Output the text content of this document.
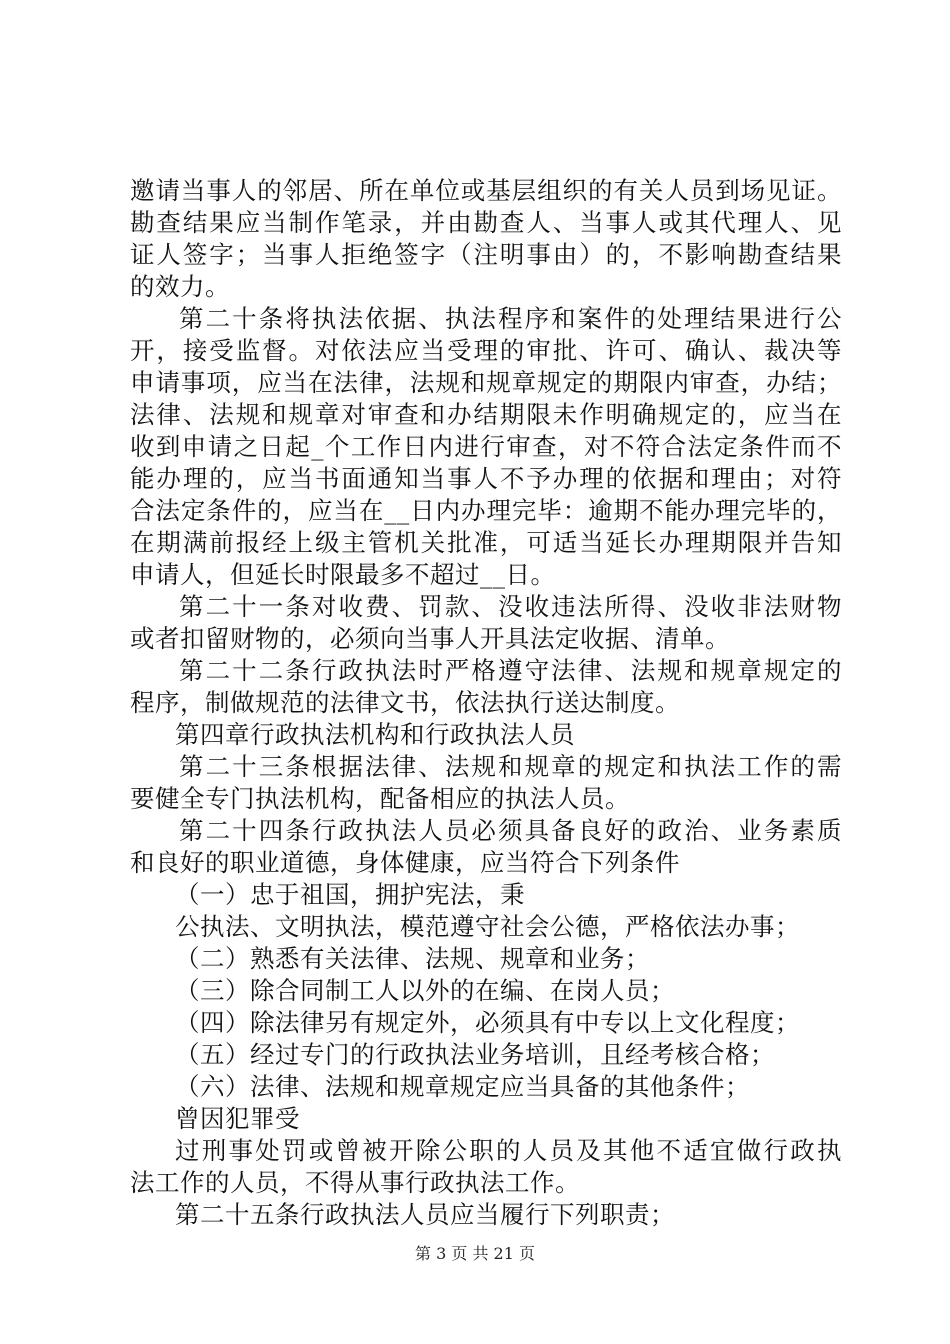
邀请当事人的邻居、所在单位或基层组织的有关人员到场见证。
勘查结果应当制作笔录，并由勘查人、当事人或其代理人、见
证人签字；当事人拒绝签字（注明事由）的，不影响勘查结果
的效力。
第二十条将执法依据、执法程序和案件的处理结果进行公
开，接受监督。对依法应当受理的审批、许可、确认、裁决等
申请事项，应当在法律，法规和规章规定的期限内审查，办结；
法律、法规和规章对审查和办结期限未作明确规定的，应当在
收到申请之日起_个工作日内进行审查，对不符合法定条件而不
能办理的，应当书面通知当事人不予办理的依据和理由；对符
合法定条件的，应当在__日内办理完毕：逾期不能办理完毕的，
在期满前报经上级主管机关批准，可适当延长办理期限并告知
申请人，但延长时限最多不超过__日。
第二十一条对收费、罚款、没收违法所得、没收非法财物
或者扣留财物的，必须向当事人开具法定收据、清单。
第二十二条行政执法时严格遵守法律、法规和规章规定的
程序，制做规范的法律文书，依法执行送达制度。
第四章行政执法机构和行政执法人员
第二十三条根据法律、法规和规章的规定和执法工作的需
要健全专门执法机构，配备相应的执法人员。
第二十四条行政执法人员必须具备良好的政治、业务素质
和良好的职业道德，身体健康，应当符合下列条件
（一）忠于祖国，拥护宪法，秉
公执法、文明执法，模范遵守社会公德，严格依法办事；
（二）熟悉有关法律、法规、规章和业务；
（三）除合同制工人以外的在编、在岗人员；
（四）除法律另有规定外，必须具有中专以上文化程度；
（五）经过专门的行政执法业务培训，且经考核合格；
（六）法律、法规和规章规定应当具备的其他条件；
曾因犯罪受
过刑事处罚或曾被开除公职的人员及其他不适宜做行政执
法工作的人员，不得从事行政执法工作。
第二十五条行政执法人员应当履行下列职责；
第 3 页 共 21 页
